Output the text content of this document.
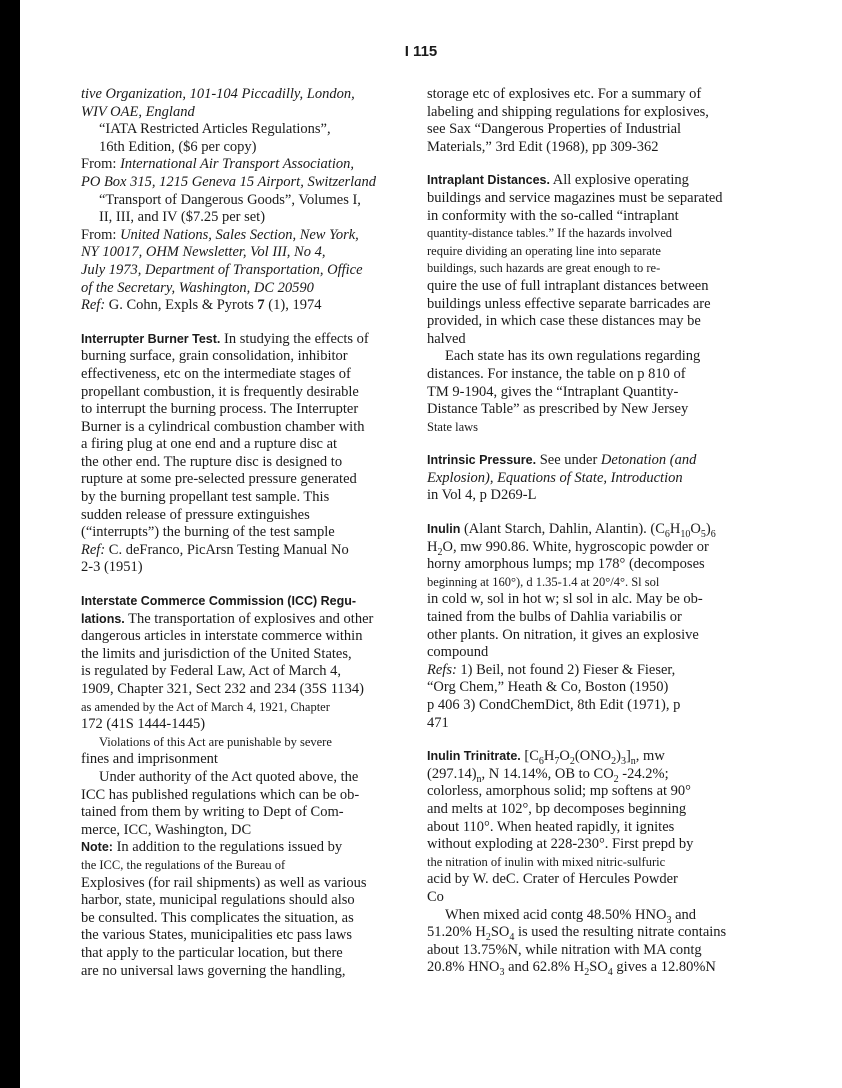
I 115
tive Organization, 101-104 Piccadilly, London,
WIV OAE, England
“IATA Restricted Articles Regulations”,
16th Edition, ($6 per copy)
From: International Air Transport Association,
PO Box 315, 1215 Geneva 15 Airport, Switzerland
“Transport of Dangerous Goods”, Volumes I,
II, III, and IV ($7.25 per set)
From: United Nations, Sales Section, New York,
NY 10017, OHM Newsletter, Vol III, No 4,
July 1973, Department of Transportation, Office
of the Secretary, Washington, DC 20590
Ref: G. Cohn, Expls & Pyrots 7 (1), 1974
Interrupter Burner Test. In studying the effects of
burning surface, grain consolidation, inhibitor
effectiveness, etc on the intermediate stages of
propellant combustion, it is frequently desirable
to interrupt the burning process. The Interrupter
Burner is a cylindrical combustion chamber with
a firing plug at one end and a rupture disc at
the other end. The rupture disc is designed to
rupture at some pre-selected pressure generated
by the burning propellant test sample. This
sudden release of pressure extinguishes
(“interrupts”) the burning of the test sample
Ref: C. deFranco, PicArsn Testing Manual No
2-3 (1951)
Interstate Commerce Commission (ICC) Regu-
lations. The transportation of explosives and other
dangerous articles in interstate commerce within
the limits and jurisdiction of the United States,
is regulated by Federal Law, Act of March 4,
1909, Chapter 321, Sect 232 and 234 (35S 1134)
as amended by the Act of March 4, 1921, Chapter
172 (41S 1444-1445)
Violations of this Act are punishable by severe
fines and imprisonment
Under authority of the Act quoted above, the
ICC has published regulations which can be ob-
tained from them by writing to Dept of Com-
merce, ICC, Washington, DC
Note: In addition to the regulations issued by
the ICC, the regulations of the Bureau of
Explosives (for rail shipments) as well as various
harbor, state, municipal regulations should also
be consulted. This complicates the situation, as
the various States, municipalities etc pass laws
that apply to the particular location, but there
are no universal laws governing the handling,
storage etc of explosives etc. For a summary of
labeling and shipping regulations for explosives,
see Sax “Dangerous Properties of Industrial
Materials,” 3rd Edit (1968), pp 309-362
Intraplant Distances. All explosive operating
buildings and service magazines must be separated
in conformity with the so-called “intraplant
quantity-distance tables.” If the hazards involved
require dividing an operating line into separate
buildings, such hazards are great enough to re-
quire the use of full intraplant distances between
buildings unless effective separate barricades are
provided, in which case these distances may be
halved
Each state has its own regulations regarding
distances. For instance, the table on p 810 of
TM 9-1904, gives the “Intraplant Quantity-
Distance Table” as prescribed by New Jersey
State laws
Intrinsic Pressure. See under Detonation (and
Explosion), Equations of State, Introduction
in Vol 4, p D269-L
Inulin (Alant Starch, Dahlin, Alantin). $(C_6H_{10}O_5)_6$
$H_2O$, mw 990.86. White, hygroscopic powder or
horny amorphous lumps; mp 178° (decomposes
beginning at 160°), d 1.35-1.4 at 20°/4°. Sl sol
in cold w, sol in hot w; sl sol in alc. May be ob-
tained from the bulbs of Dahlia variabilis or
other plants. On nitration, it gives an explosive
compound
Refs: 1) Beil, not found 2) Fieser & Fieser,
“Org Chem,” Heath & Co, Boston (1950)
p 406 3) CondChemDict, 8th Edit (1971), p
471
Inulin Trinitrate. $[C_6H_7O_2(ONO_2)_3]_n$, mw
$(297.14)_n$, N 14.14%, OB to $CO_2$ -24.2%;
colorless, amorphous solid; mp softens at 90°
and melts at 102°, bp decomposes beginning
about 110°. When heated rapidly, it ignites
without exploding at 228-230°. First prepd by
the nitration of inulin with mixed nitric-sulfuric
acid by W. deC. Crater of Hercules Powder
Co
When mixed acid contg 48.50% $HNO_3$ and
51.20% $H_2SO_4$ is used the resulting nitrate contains
about 13.75%N, while nitration with MA contg
20.8% $HNO_3$ and 62.8% $H_2SO_4$ gives a 12.80%N
